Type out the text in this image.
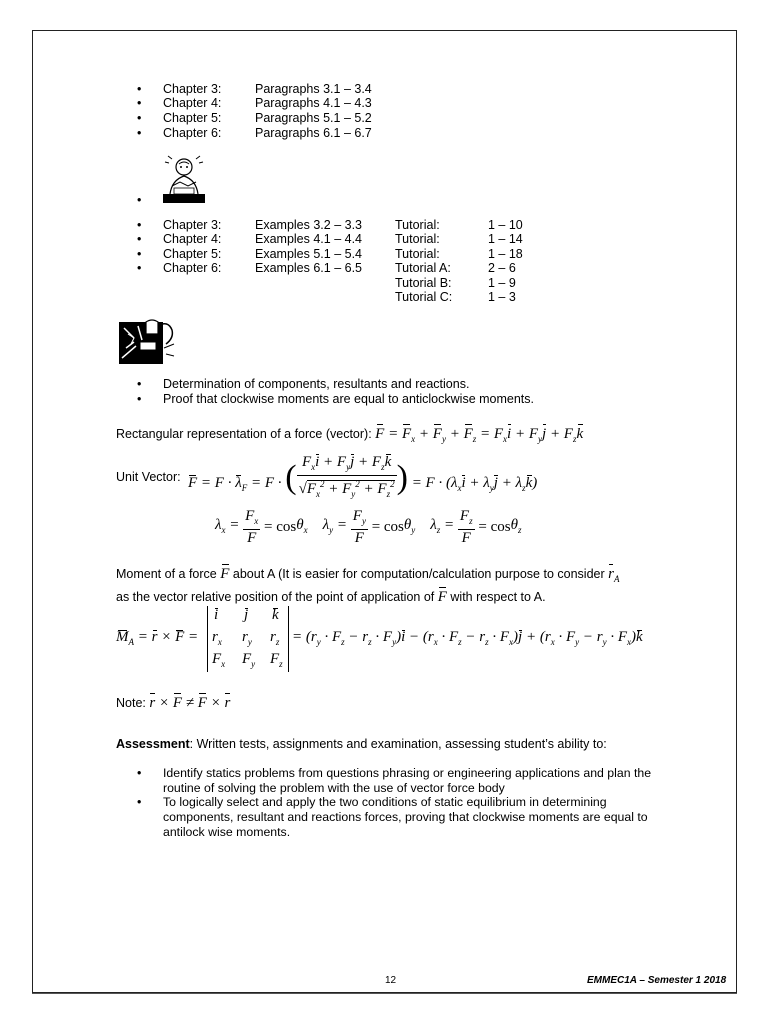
• Chapter 3:	Paragraphs 3.1 – 3.4
• Chapter 4:	Paragraphs 4.1 – 4.3
• Chapter 5:	Paragraphs 5.1 – 5.2
• Chapter 6:	Paragraphs 6.1 – 6.7
•
• Chapter 3:	Examples 3.2 – 3.3	Tutorial:	1 – 10
• Chapter 4:	Examples 4.1 – 4.4	Tutorial:	1 – 14
• Chapter 5:	Examples 5.1 – 5.4	Tutorial:	1 – 18
• Chapter 6:	Examples 6.1 – 6.5	Tutorial A:	2 – 6
Tutorial B:	1 – 9
Tutorial C:	1 – 3
• Determination of components, resultants and reactions.
• Proof that clockwise moments are equal to anticlockwise moments.
Rectangular representation of a force (vector): $F = F_x + F_y + F_z = F_xi + F_yj + F_zk$
Unit Vector: $F = F \cdot \lambda_F = F$ · ( $\frac{F_xi + F_yj + F_zk}{√F_x^2 + F_y^2 + F_z^2}$ ) = $F \cdot (\lambda_xi + \lambda_yj + \lambda_zk)$
$\lambda_x = \frac{F_x}{F} = \cos\theta_x$ $\lambda_y = \frac{F_y}{F} = \cos\theta_y$ $\lambda_z = \frac{F_z}{F} = \cos\theta_z$
Moment of a force F about A (It is easier for computation/calculation purpose to consider $r_A$
as the vector relative position of the point of application of F with respect to A.
$M_A = r \times F$ =
i j k
$r_x$ $r_y$ $r_z$
$F_x$ $F_y$ $F_z$
= $(r_y \cdot F_z - r_z \cdot F_y)i - (r_x \cdot F_z - r_z \cdot F_x)j + (r_x \cdot F_y - r_y \cdot F_x)k$
Note: r × F ≠ F × r
Assessment: Written tests, assignments and examination, assessing student’s ability to:
• Identify statics problems from questions phrasing or engineering applications and plan the routine of solving the problem with the use of vector force body
• To logically select and apply the two conditions of static equilibrium in determining components, resultant and reactions forces, proving that clockwise moments are equal to antilock wise moments.
12	EMMEC1A – Semester 1 2018
